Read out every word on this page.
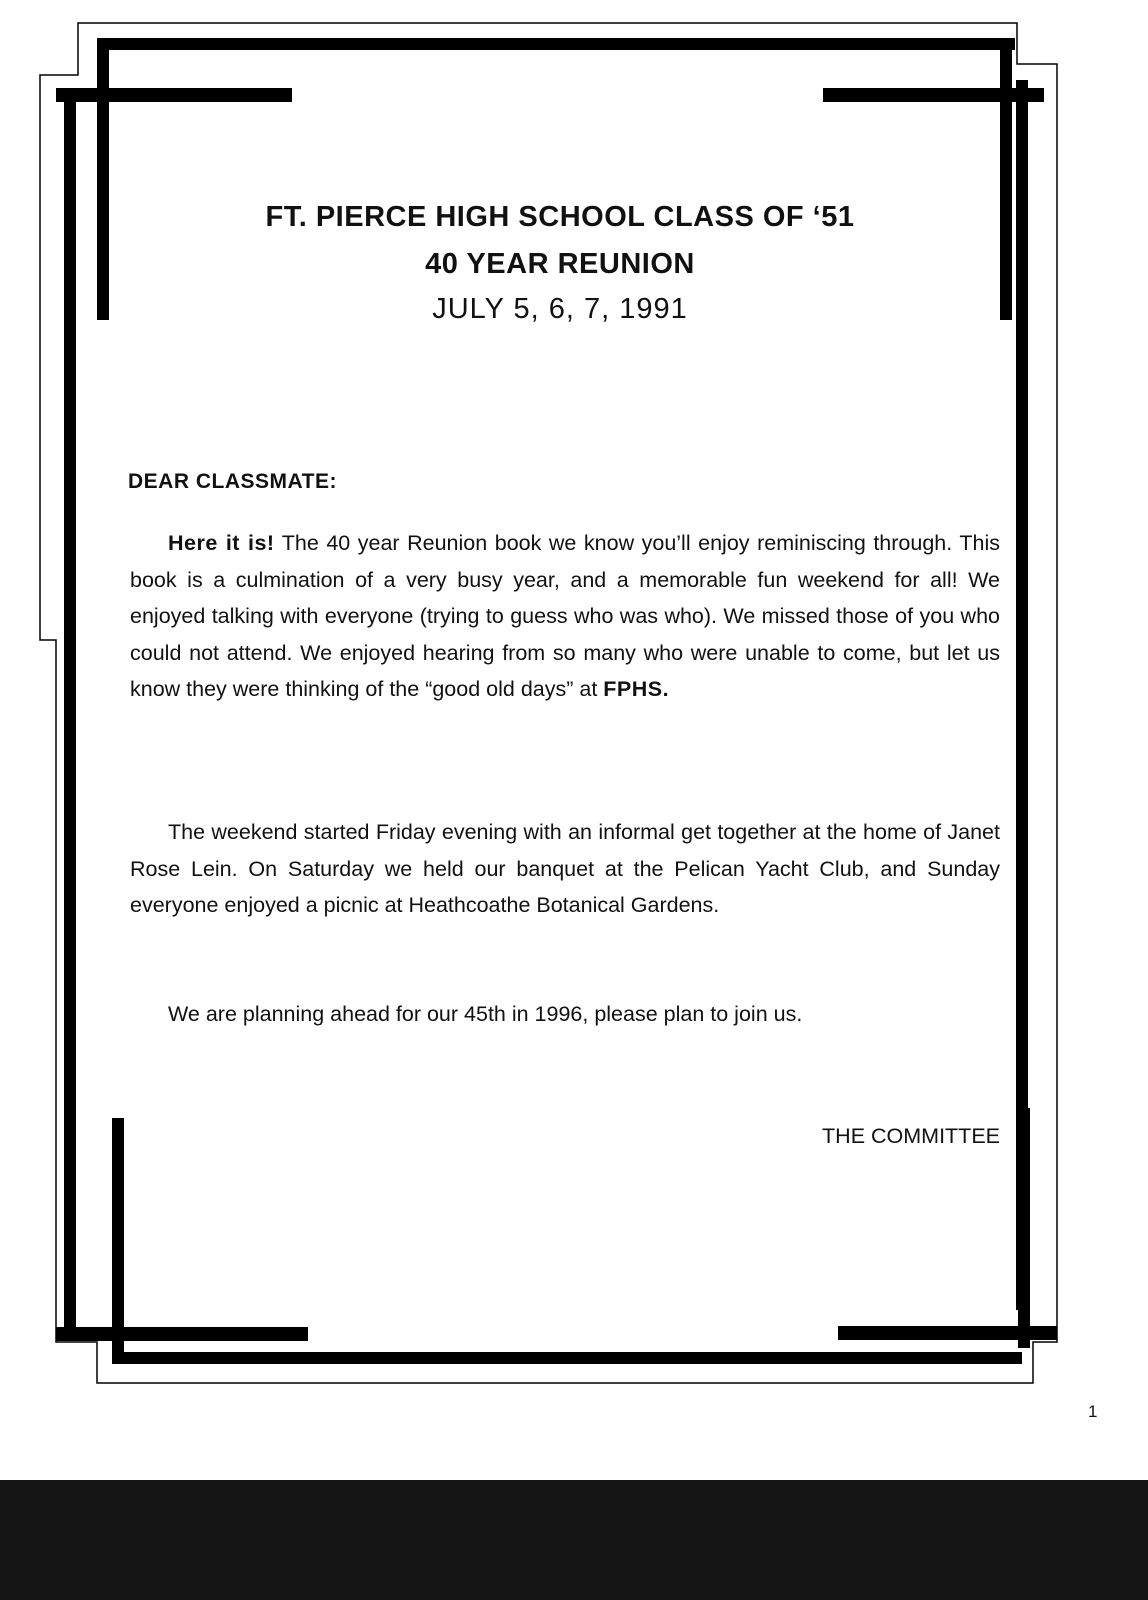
FT. PIERCE HIGH SCHOOL CLASS OF ‘51

40 YEAR REUNION

JULY 5, 6, 7, 1991

DEAR CLASSMATE:

Here it is! The 40 year Reunion book we know you’ll enjoy reminiscing through. This book is a culmination of a very busy year, and a memorable fun weekend for all! We enjoyed talking with everyone (trying to guess who was who). We missed those of you who could not attend. We enjoyed hearing from so many who were unable to come, but let us know they were thinking of the “good old days” at FPHS.

The weekend started Friday evening with an informal get together at the home of Janet Rose Lein. On Saturday we held our banquet at the Pelican Yacht Club, and Sunday everyone enjoyed a picnic at Heathcoathe Botanical Gardens.

We are planning ahead for our 45th in 1996, please plan to join us.

THE COMMITTEE

1
